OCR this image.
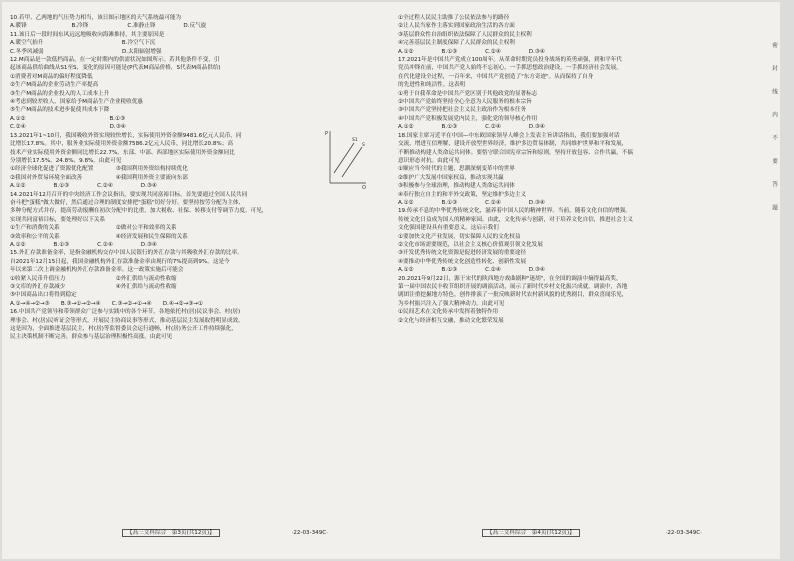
10.若甲、乙两地的气压势力相当，该日图示地区的天气系统最可能为

A.暖锋　　　　　　　　B.冷锋　　　　　　　C.准静止锋　　　　　D.反气旋

11.该日后一段时间东风远远地吸收向海滩推持，其主要原因是

A.暖空气抬升　　　　　　　　　　　　　　B.冷空气下沉

C.冬季风减弱　　　　　　　　　　　　　　D.太阳辐射增强

12.M商品是一款低档商品，在一定时期内的供需状况如图所示。若其他条件不变，引

起该商品供给曲线从S1至S，变化的原因可能是(P代表M商品价格，S代表M商品供给)

①消费者对M商品的偏好程度降低

②生产M商品的企业劳动生产率提高

③生产M商品的企业投入的人工成本上升

④考虑到较差收人，国家给予M商品生产企业税收优惠

⑤生产M商品的技术进步促使其成本下降

A.①②　　　　　　　　　　　　　　　B.①③

C.②④　　　　　　　　　　　　　　　D.③④

13.2021年1~10月，我国吸收外资实现较快增长，实际使用外资金额9481.6亿元人民币，同

比增长17.8%。其中，服务业实际使用外资金额7586.2亿元人民币，同比增长20.8%；高

技术产业实际使用外资金额同比增长22.7%。东部、中部、西部地区实际使用外资金额同比

分别增长17.5%、24.8%、9.8%。由此可见

①经济全球化促进了资源优化配置　　　　③我国利用外资结构持续优化

②我国对外贸易环境全面改善　　　　　　④我国利用外资主要流向东部

A.①②　　　　　B.①③　　　　　C.②④　　　　　D.③④

14.2021年12月召开的中央经济工作会议指出，要实现共同富裕目标，首先要通过全国人民共同

奋斗把"蛋糕"做大做好，然后通过合理的制度安排把"蛋糕"切好分好。要坚持按劳分配为主体、

多种分配方式并存，提高劳动报酬在初次分配中的比重，加大税收、社保、转移支付等调节力度。可见，

实现共同富裕目标，要处理好以下关系

①生产和消费的关系　　　　　　　　　　②做对公平和效率的关系

③效率和公平的关系　　　　　　　　　　④经济发展和民生保障的关系

A.①②　　　　　B.①③　　　　　C.②④　　　　　D.③④

15.外汇存款准备金率，是指金融机构交存中国人民银行的外汇存款与其吸收外汇存款的比率。

自2021年12月15日起，我国金融机构外汇存款准备金率由现行的7%提高到9%。这是今

年以来第二次上调金融机构外汇存款准备金率。这一政策实施后可能会

①收紧人民币升值压力　　　　　　　　　②外汇供给与流动性收缩

③文库的外汇存款减少　　　　　　　　　④外汇供给与流动性收缩

⑤中国商品出口将得到稳定

A.①→④→②→③　　B.③→①→②→④　　C.③→②→①→④　　D.④→②→③→①

16.中国共产党领导和带领群众广泛参与实践中的各个环节，各地依托村(居)民议事会、村(居)

理事会、村(居)民听证会等形式，开展民主协商议事等形式，推动基层民主发展取得明显成效。

这是因为，全面推进基层民主，村(居)等监督委员会运行通畅，村(居)务公开工作持续强化，

民主决策机制不断完善，群众参与基层治理积极性高涨。由此可见

P
Q
S1
S

①全过程人民民主助推了公民依法参与的路径

②让人民当家作主落实到国家政治生活的各方面

③基层群众性自治组织依法保障了人民群众的民主权利

④完善基层民主制度保障了人民群众的民主权利

A.①②　　　　　B.①③　　　　　C.②④　　　　　D.③④

17.2021年是中国共产党成立100周年。从革命时期党员投身战场的英勇顽强，到和平年代

党员冲锋在前，中国共产党人始终不忘初心，一手抓思想政治建设，一手抓经济社会发展，

在代化建设全过程，一百年来，中国共产党创造了"东方奇迹"。从而保持了自身

的先进性和纯洁性。这表明

①勇于自我革命是中国共产党区别于其他政党的显著标志

②中国共产党始终坚持全心全意为人民服务的根本宗旨

③中国共产党坚持把社会主义民主政治作为根本任务

④中国共产党积极发展党内民主，强化党的领导核心作用

A.①②　　　　　B.①③　　　　　C.②④　　　　　D.③④

18.国家主席习近平在中国—中东欧国家领导人峰会上发表主旨讲话指出，我们要加强对话

交流，增进互信理解，建设开放型世界经济，维护多边贸易体制，共同维护世界和平和发展，

不断推动构建人类命运共同体。要恪守联合国宪章宗旨和原则，坚持开放包容、合作共赢，不搞

意识形态对抗。由此可见

①顺应当今时代的主题，思潮深刻变革中的世界

②维护广大发展中国家权益，推动实现共赢

③积极参与全球治理，推动构建人类命运共同体

④奉行独立自主的和平外交政策，坚定维护多边主义

A.①②　　　　　B.①③　　　　　C.②④　　　　　D.③④

19.传承不息的中华优秀传统文化，滋养着中国人民的精神世界。当前，随着文化自信的增强，

传统文化日益成为国人的精神家园。由此，文化传承与创新，对于培养文化自信，推进社会主义

文化强国建设具有重要意义。这启示我们

①要加快文化产业发展，切实保障人民的文化权益

②文化市场需要规范，以社会主义核心价值观引领文化发展

③开发优秀传统文化资源是促进经济发展的重要途径

④要推动中华优秀传统文化创造性转化、创新性发展

A.①②　　　　　B.①③　　　　　C.②④　　　　　D.③④

20.2021年9月22日，源于宋代的陕西地方戏曲剧种"迷胡"，在全国的调演中摘得最高奖，

第一届中国农民丰收节组织开展的调演活动，展示了新时代乡村文化振兴成就。调演中，各地

剧团注重挖掘地方特色，创作排演了一批反映新时代农村新风貌的优秀剧目，群众喜闻乐见，

为乡村振兴注入了强大精神动力。由此可见

①民间艺术在文化传承中发挥着独特作用

②文化与经济相互交融，推动文化繁荣发展

密　封　线　内　不　要　答　题
【高三文科综合　第3页(共12页)】	·22-03-349C·	【高三文科综合　第4页(共12页)】	·22-03-349C·
